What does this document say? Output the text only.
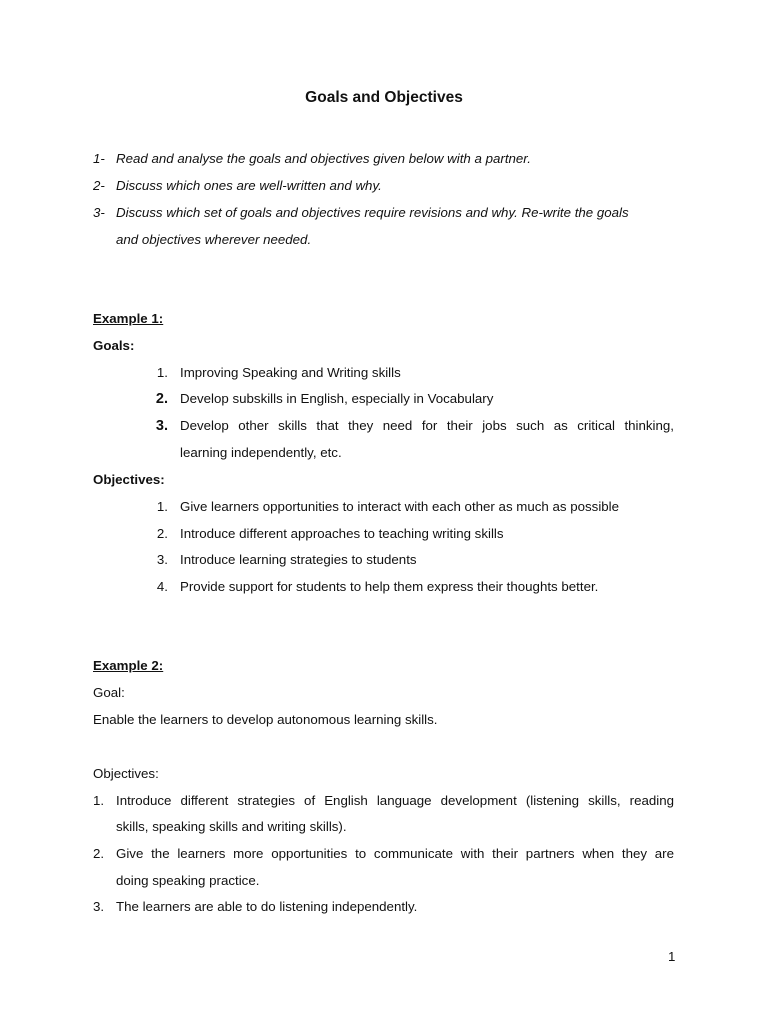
Goals and Objectives
1- Read and analyse the goals and objectives given below with a partner.
2- Discuss which ones are well-written and why.
3- Discuss which set of goals and objectives require revisions and why. Re-write the goals
and objectives wherever needed.
Example 1:
Goals:
1. Improving Speaking and Writing skills
2. Develop subskills in English, especially in Vocabulary
3. Develop other skills that they need for their jobs such as critical thinking,
learning independently, etc.
Objectives:
1. Give learners opportunities to interact with each other as much as possible
2. Introduce different approaches to teaching writing skills
3. Introduce learning strategies to students
4. Provide support for students to help them express their thoughts better.
Example 2:
Goal:
Enable the learners to develop autonomous learning skills.
Objectives:
1. Introduce different strategies of English language development (listening skills, reading
skills, speaking skills and writing skills).
2. Give the learners more opportunities to communicate with their partners when they are
doing speaking practice.
3. The learners are able to do listening independently.
1
